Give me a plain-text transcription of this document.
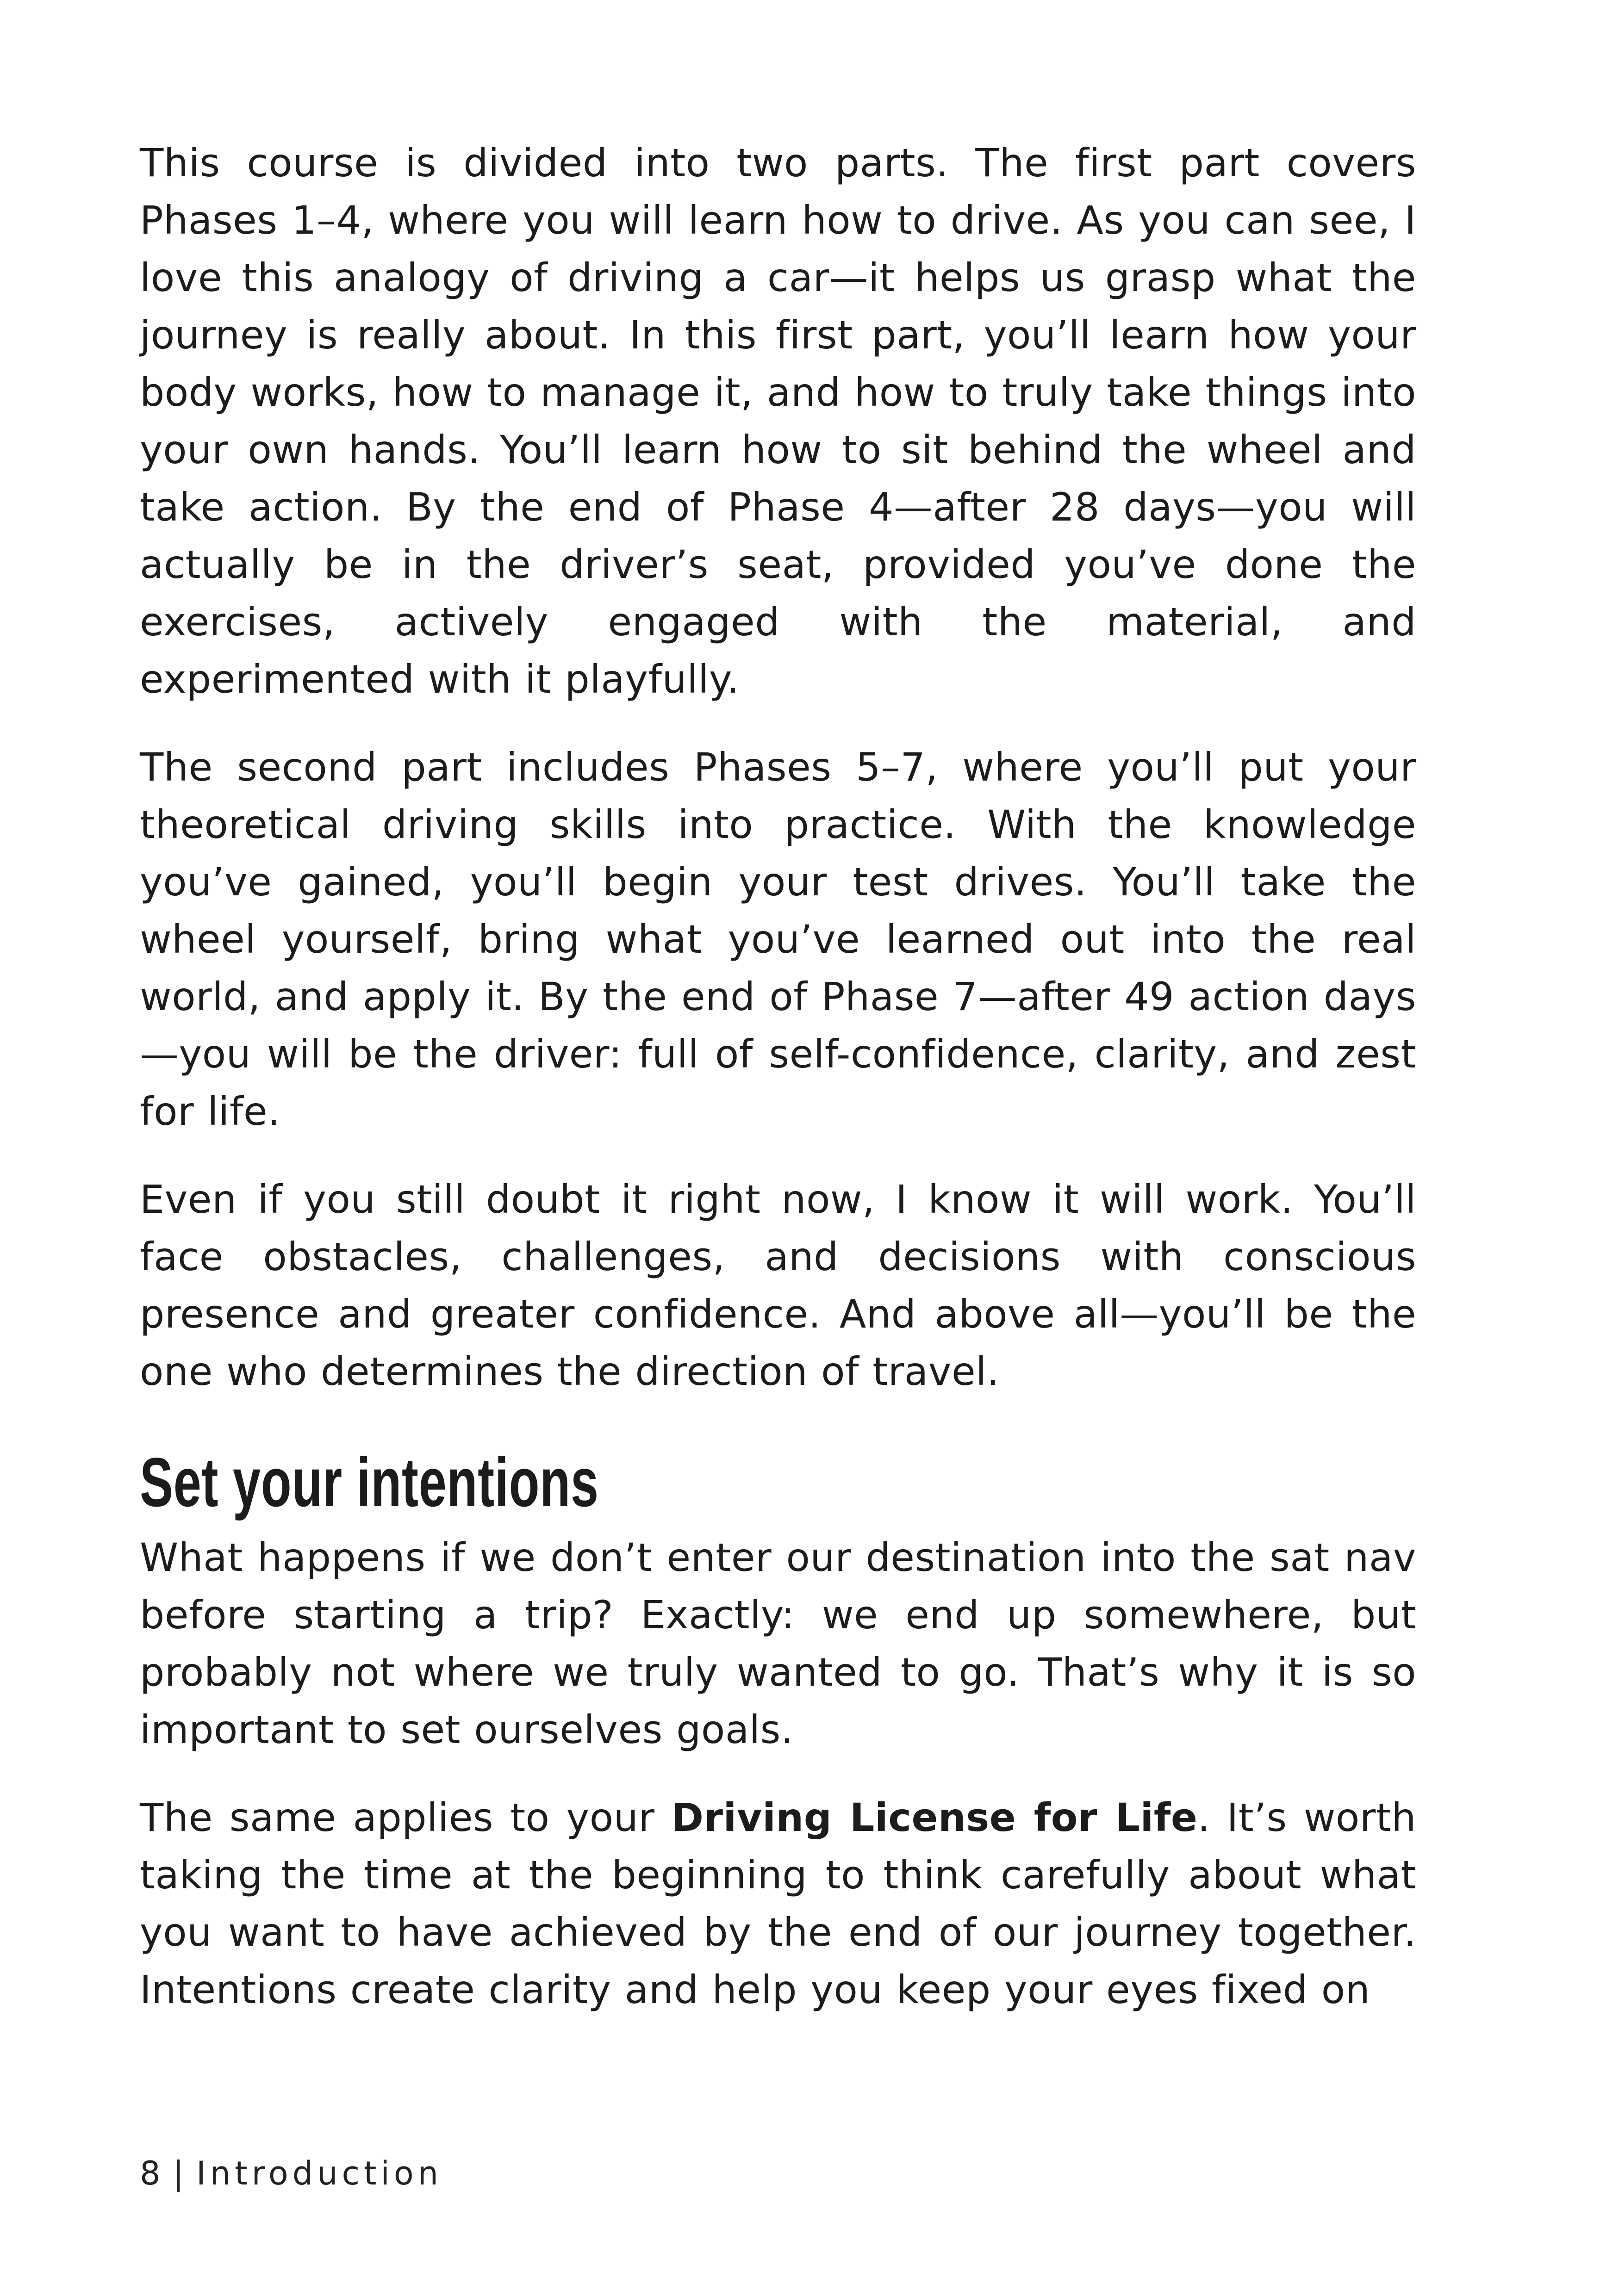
This course is divided into two parts. The first part covers Phases 1–4, where you will learn how to drive. As you can see, I love this analogy of driving a car—it helps us grasp what the journey is really about. In this first part, you’ll learn how your body works, how to manage it, and how to truly take things into your own hands. You’ll learn how to sit behind the wheel and take action. By the end of Phase 4—after 28 days—you will actually be in the driver’s seat, provided you’ve done the exercises, actively engaged with the material, and experimented with it playfully.

The second part includes Phases 5–7, where you’ll put your theoretical driving skills into practice. With the knowledge you’ve gained, you’ll begin your test drives. You’ll take the wheel yourself, bring what you’ve learned out into the real world, and apply it. By the end of Phase 7—after 49 action days—you will be the driver: full of self-confidence, clarity, and zest for life.

Even if you still doubt it right now, I know it will work. You’ll face obstacles, challenges, and decisions with conscious presence and greater confidence. And above all—you’ll be the one who determines the direction of travel.

Set your intentions

What happens if we don’t enter our destination into the sat nav before starting a trip? Exactly: we end up somewhere, but probably not where we truly wanted to go. That’s why it is so important to set ourselves goals.

The same applies to your Driving License for Life. It’s worth taking the time at the beginning to think carefully about what you want to have achieved by the end of our journey together. Intentions create clarity and help you keep your eyes fixed on

8 | Introduction
